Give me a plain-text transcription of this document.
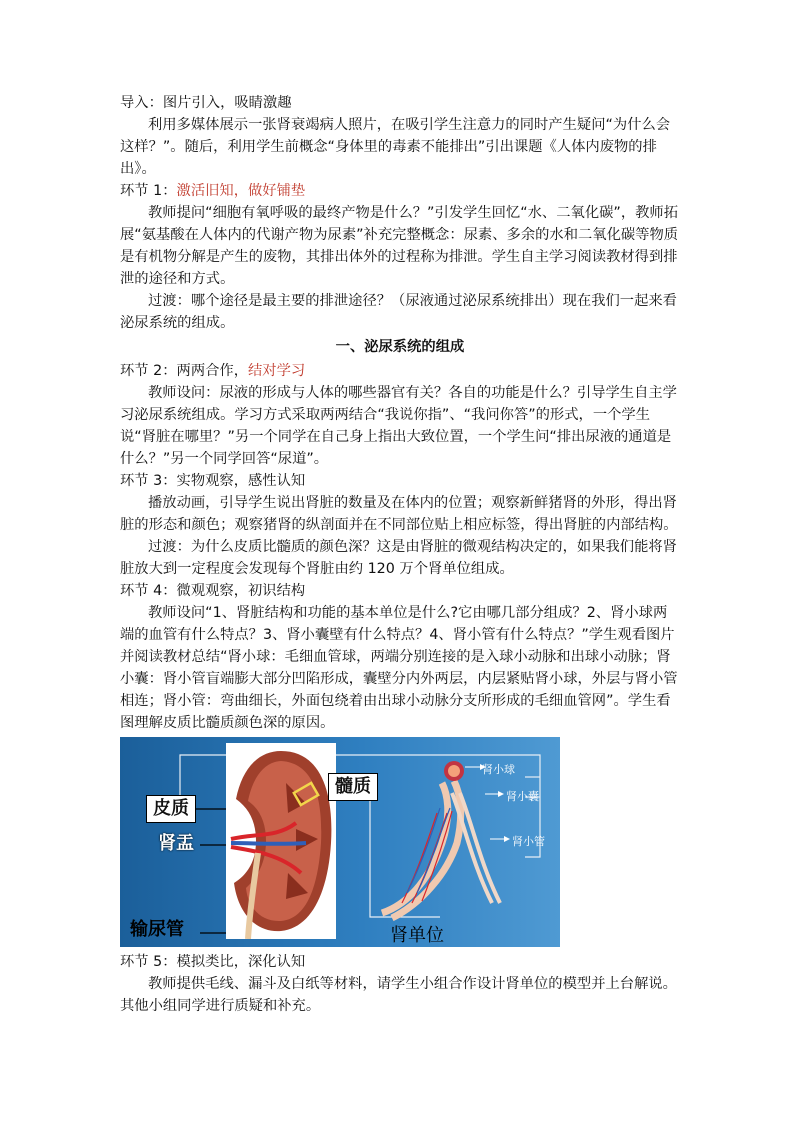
导入：图片引入，吸睛激趣
利用多媒体展示一张肾衰竭病人照片，在吸引学生注意力的同时产生疑问“为什么会这样？”。随后，利用学生前概念“身体里的毒素不能排出”引出课题《人体内废物的排出》。
环节 1：激活旧知，做好铺垫
教师提问“细胞有氧呼吸的最终产物是什么？”引发学生回忆“水、二氧化碳”，教师拓展“氨基酸在人体内的代谢产物为尿素”补充完整概念：尿素、多余的水和二氧化碳等物质是有机物分解是产生的废物，其排出体外的过程称为排泄。学生自主学习阅读教材得到排泄的途径和方式。
过渡：哪个途径是最主要的排泄途径？（尿液通过泌尿系统排出）现在我们一起来看泌尿系统的组成。
一、泌尿系统的组成
环节 2：两两合作，结对学习
教师设问：尿液的形成与人体的哪些器官有关？各自的功能是什么？引导学生自主学习泌尿系统组成。学习方式采取两两结合“我说你指”、“我问你答”的形式，一个学生说“肾脏在哪里？”另一个同学在自己身上指出大致位置，一个学生问“排出尿液的通道是什么？”另一个同学回答“尿道”。
环节 3：实物观察，感性认知
播放动画，引导学生说出肾脏的数量及在体内的位置；观察新鲜猪肾的外形，得出肾脏的形态和颜色；观察猪肾的纵剖面并在不同部位贴上相应标签，得出肾脏的内部结构。
过渡：为什么皮质比髓质的颜色深？这是由肾脏的微观结构决定的，如果我们能将肾脏放大到一定程度会发现每个肾脏由约 120 万个肾单位组成。
环节 4：微观观察，初识结构
教师设问“1、肾脏结构和功能的基本单位是什么?它由哪几部分组成？2、肾小球两端的血管有什么特点？3、肾小囊壁有什么特点？4、肾小管有什么特点？”学生观看图片并阅读教材总结“肾小球：毛细血管球，两端分别连接的是入球小动脉和出球小动脉；肾小囊：肾小管盲端膨大部分凹陷形成，囊壁分内外两层，内层紧贴肾小球，外层与肾小管相连；肾小管：弯曲细长，外面包绕着由出球小动脉分支所形成的毛细血管网”。学生看图理解皮质比髓质颜色深的原因。
皮质
髓质
肾盂
输尿管	肾单位
肾小球
肾小囊
肾小管
环节 5：模拟类比，深化认知
教师提供毛线、漏斗及白纸等材料，请学生小组合作设计肾单位的模型并上台解说。其他小组同学进行质疑和补充。
